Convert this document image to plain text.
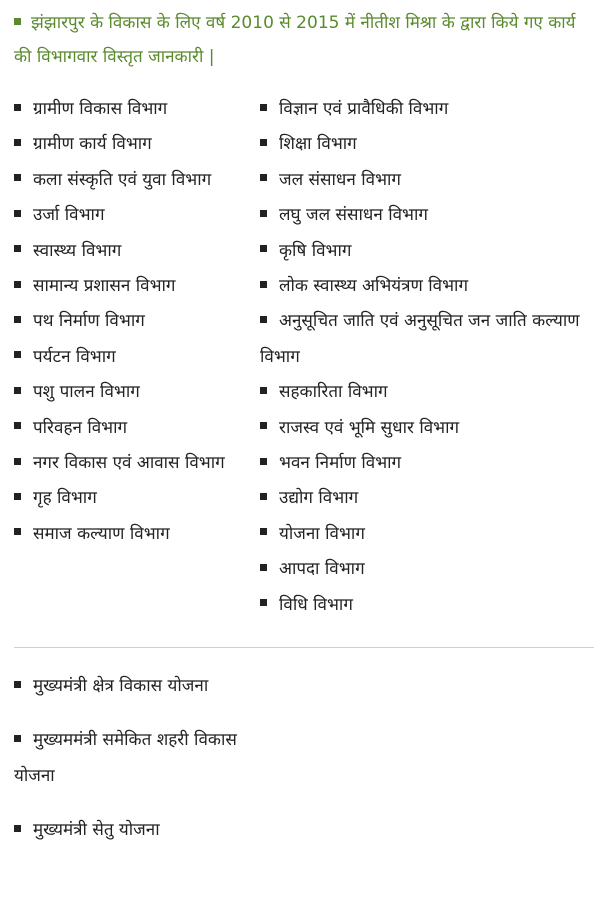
झंझारपुर के विकास के लिए वर्ष 2010 से 2015 में नीतीश मिश्रा के द्वारा किये गए कार्य की विभागवार विस्तृत जानकारी |

ग्रामीण विकास विभाग
ग्रामीण कार्य विभाग
कला संस्कृति एवं युवा विभाग
उर्जा विभाग
स्वास्थ्य विभाग
सामान्य प्रशासन विभाग
पथ निर्माण विभाग
पर्यटन विभाग
पशु पालन विभाग
परिवहन विभाग
नगर विकास एवं आवास विभाग
गृह विभाग
समाज कल्याण विभाग
विज्ञान एवं प्रावैधिकी विभाग
शिक्षा विभाग
जल संसाधन विभाग
लघु जल संसाधन विभाग
कृषि विभाग
लोक स्वास्थ्य अभियंत्रण विभाग
अनुसूचित जाति एवं अनुसूचित जन जाति कल्याण विभाग
सहकारिता विभाग
राजस्व एवं भूमि सुधार विभाग
भवन निर्माण विभाग
उद्योग विभाग
योजना विभाग
आपदा विभाग
विधि विभाग
मुख्यमंत्री क्षेत्र विकास योजना
मुख्यममंत्री समेकित शहरी विकास योजना
मुख्यमंत्री सेतु योजना
